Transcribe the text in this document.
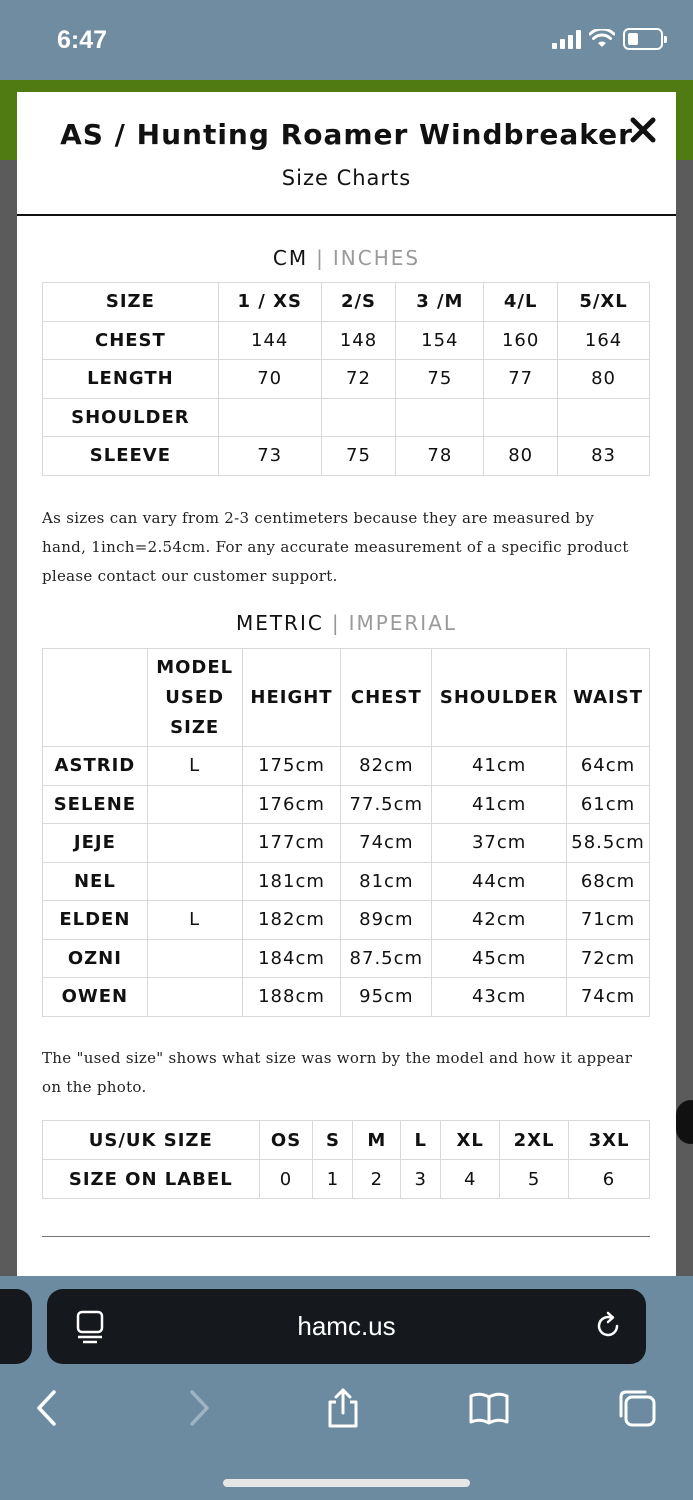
6:47
AS / Hunting Roamer Windbreaker
Size Charts
CM | INCHES
SIZE	1 / XS	2/S	3 /M	4/L	5/XL
CHEST	144	148	154	160	164
LENGTH	70	72	75	77	80
SHOULDER					
SLEEVE	73	75	78	80	83
As sizes can vary from 2-3 centimeters because they are measured by hand, 1inch=2.54cm. For any accurate measurement of a specific product please contact our customer support.
METRIC | IMPERIAL
	MODEL
USED
SIZE	HEIGHT	CHEST	SHOULDER	WAIST
ASTRID	L	175cm	82cm	41cm	64cm
SELENE		176cm	77.5cm	41cm	61cm
JEJE		177cm	74cm	37cm	58.5cm
NEL		181cm	81cm	44cm	68cm
ELDEN	L	182cm	89cm	42cm	71cm
OZNI		184cm	87.5cm	45cm	72cm
OWEN		188cm	95cm	43cm	74cm
The "used size" shows what size was worn by the model and how it appear on the photo.
US/UK SIZE	OS	S	M	L	XL	2XL	3XL
SIZE ON LABEL	0	1	2	3	4	5	6
hamc.us
